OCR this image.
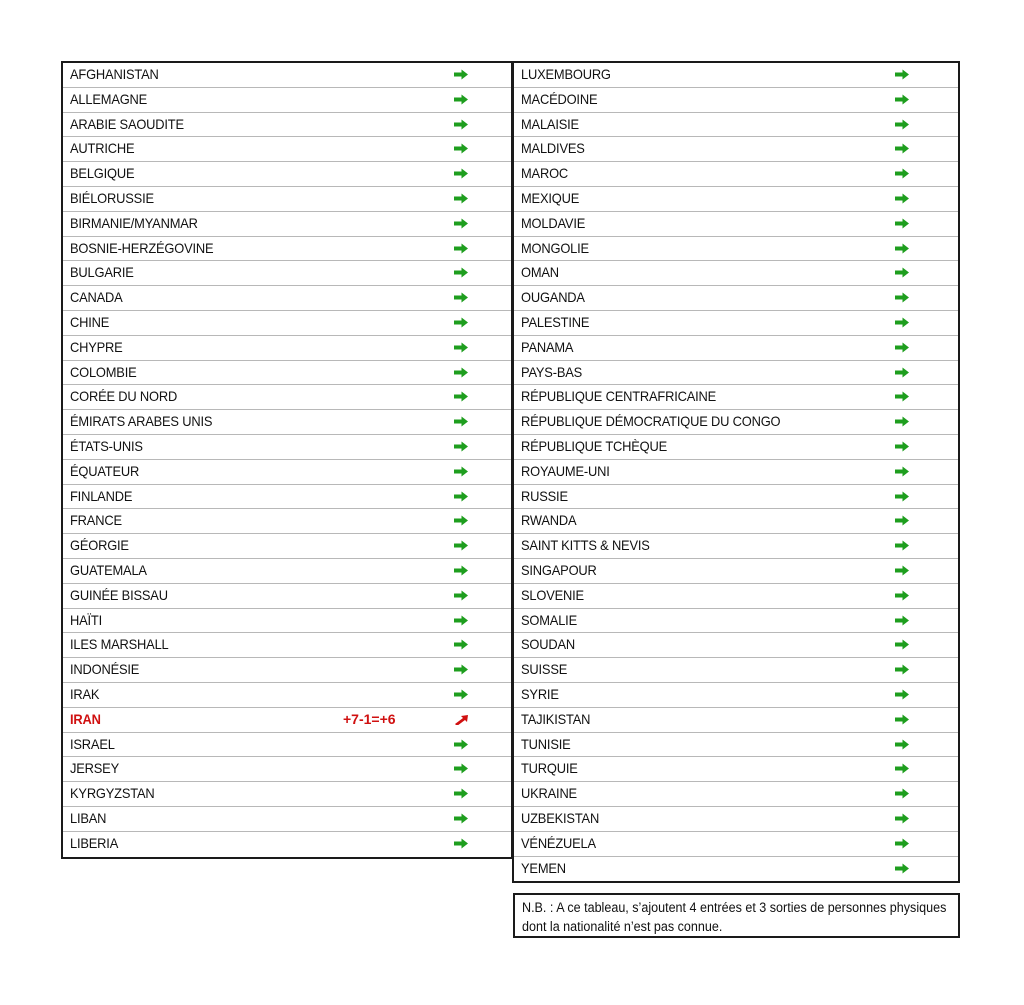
AFGHANISTAN
ALLEMAGNE
ARABIE SAOUDITE
AUTRICHE
BELGIQUE
BIÉLORUSSIE
BIRMANIE/MYANMAR
BOSNIE-HERZÉGOVINE
BULGARIE
CANADA
CHINE
CHYPRE
COLOMBIE
CORÉE DU NORD
ÉMIRATS ARABES UNIS
ÉTATS-UNIS
ÉQUATEUR
FINLANDE
FRANCE
GÉORGIE
GUATEMALA
GUINÉE BISSAU
HAÏTI
ILES MARSHALL
INDONÉSIE
IRAK
IRAN	+7-1=+6
ISRAEL
JERSEY
KYRGYZSTAN
LIBAN
LIBERIA
LUXEMBOURG
MACÉDOINE
MALAISIE
MALDIVES
MAROC
MEXIQUE
MOLDAVIE
MONGOLIE
OMAN
OUGANDA
PALESTINE
PANAMA
PAYS-BAS
RÉPUBLIQUE CENTRAFRICAINE
RÉPUBLIQUE DÉMOCRATIQUE DU CONGO
RÉPUBLIQUE TCHÈQUE
ROYAUME-UNI
RUSSIE
RWANDA
SAINT KITTS & NEVIS
SINGAPOUR
SLOVENIE
SOMALIE
SOUDAN
SUISSE
SYRIE
TAJIKISTAN
TUNISIE
TURQUIE
UKRAINE
UZBEKISTAN
VÉNÉZUELA
YEMEN
N.B. : A ce tableau, s’ajoutent 4 entrées et 3 sorties de personnes physiques dont la nationalité n’est pas connue.
